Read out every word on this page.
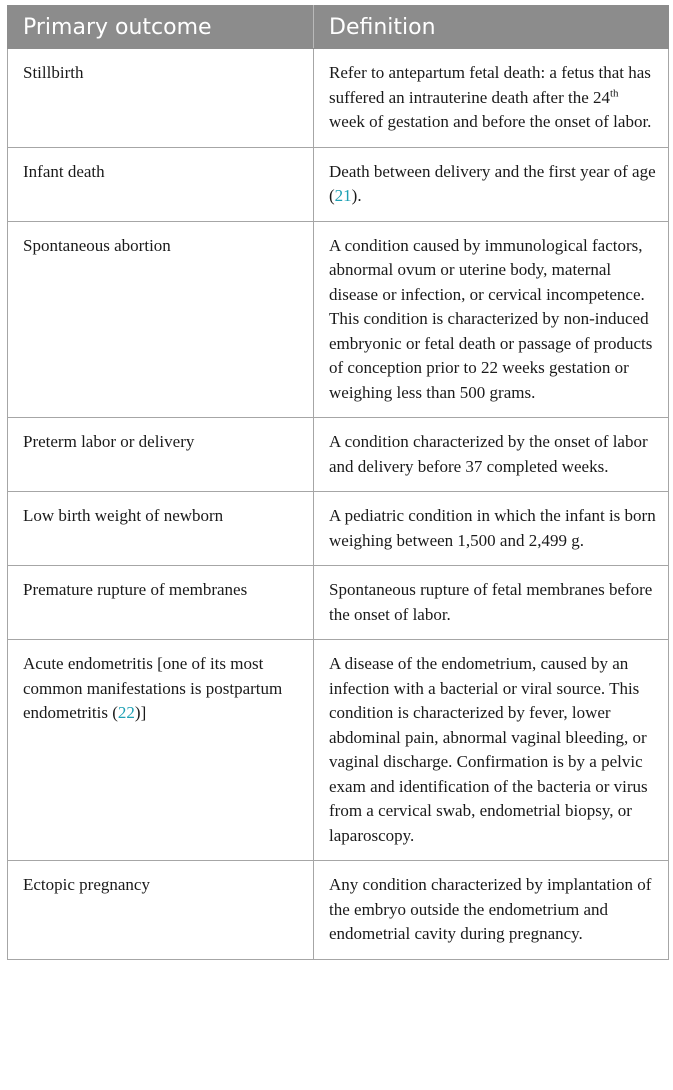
Primary outcome	Definition
Stillbirth	Refer to antepartum fetal death: a fetus that has suffered an intrauterine death after the 24th week of gestation and before the onset of labor.
Infant death	Death between delivery and the first year of age (21).
Spontaneous abortion	A condition caused by immunological factors, abnormal ovum or uterine body, maternal disease or infection, or cervical incompetence. This condition is characterized by non-induced embryonic or fetal death or passage of products of conception prior to 22 weeks gestation or weighing less than 500 grams.
Preterm labor or delivery	A condition characterized by the onset of labor and delivery before 37 completed weeks.
Low birth weight of newborn	A pediatric condition in which the infant is born weighing between 1,500 and 2,499 g.
Premature rupture of membranes	Spontaneous rupture of fetal membranes before the onset of labor.
Acute endometritis [one of its most common manifestations is postpartum endometritis (22)]	A disease of the endometrium, caused by an infection with a bacterial or viral source. This condition is characterized by fever, lower abdominal pain, abnormal vaginal bleeding, or vaginal discharge. Confirmation is by a pelvic exam and identification of the bacteria or virus from a cervical swab, endometrial biopsy, or laparoscopy.
Ectopic pregnancy	Any condition characterized by implantation of the embryo outside the endometrium and endometrial cavity during pregnancy.
